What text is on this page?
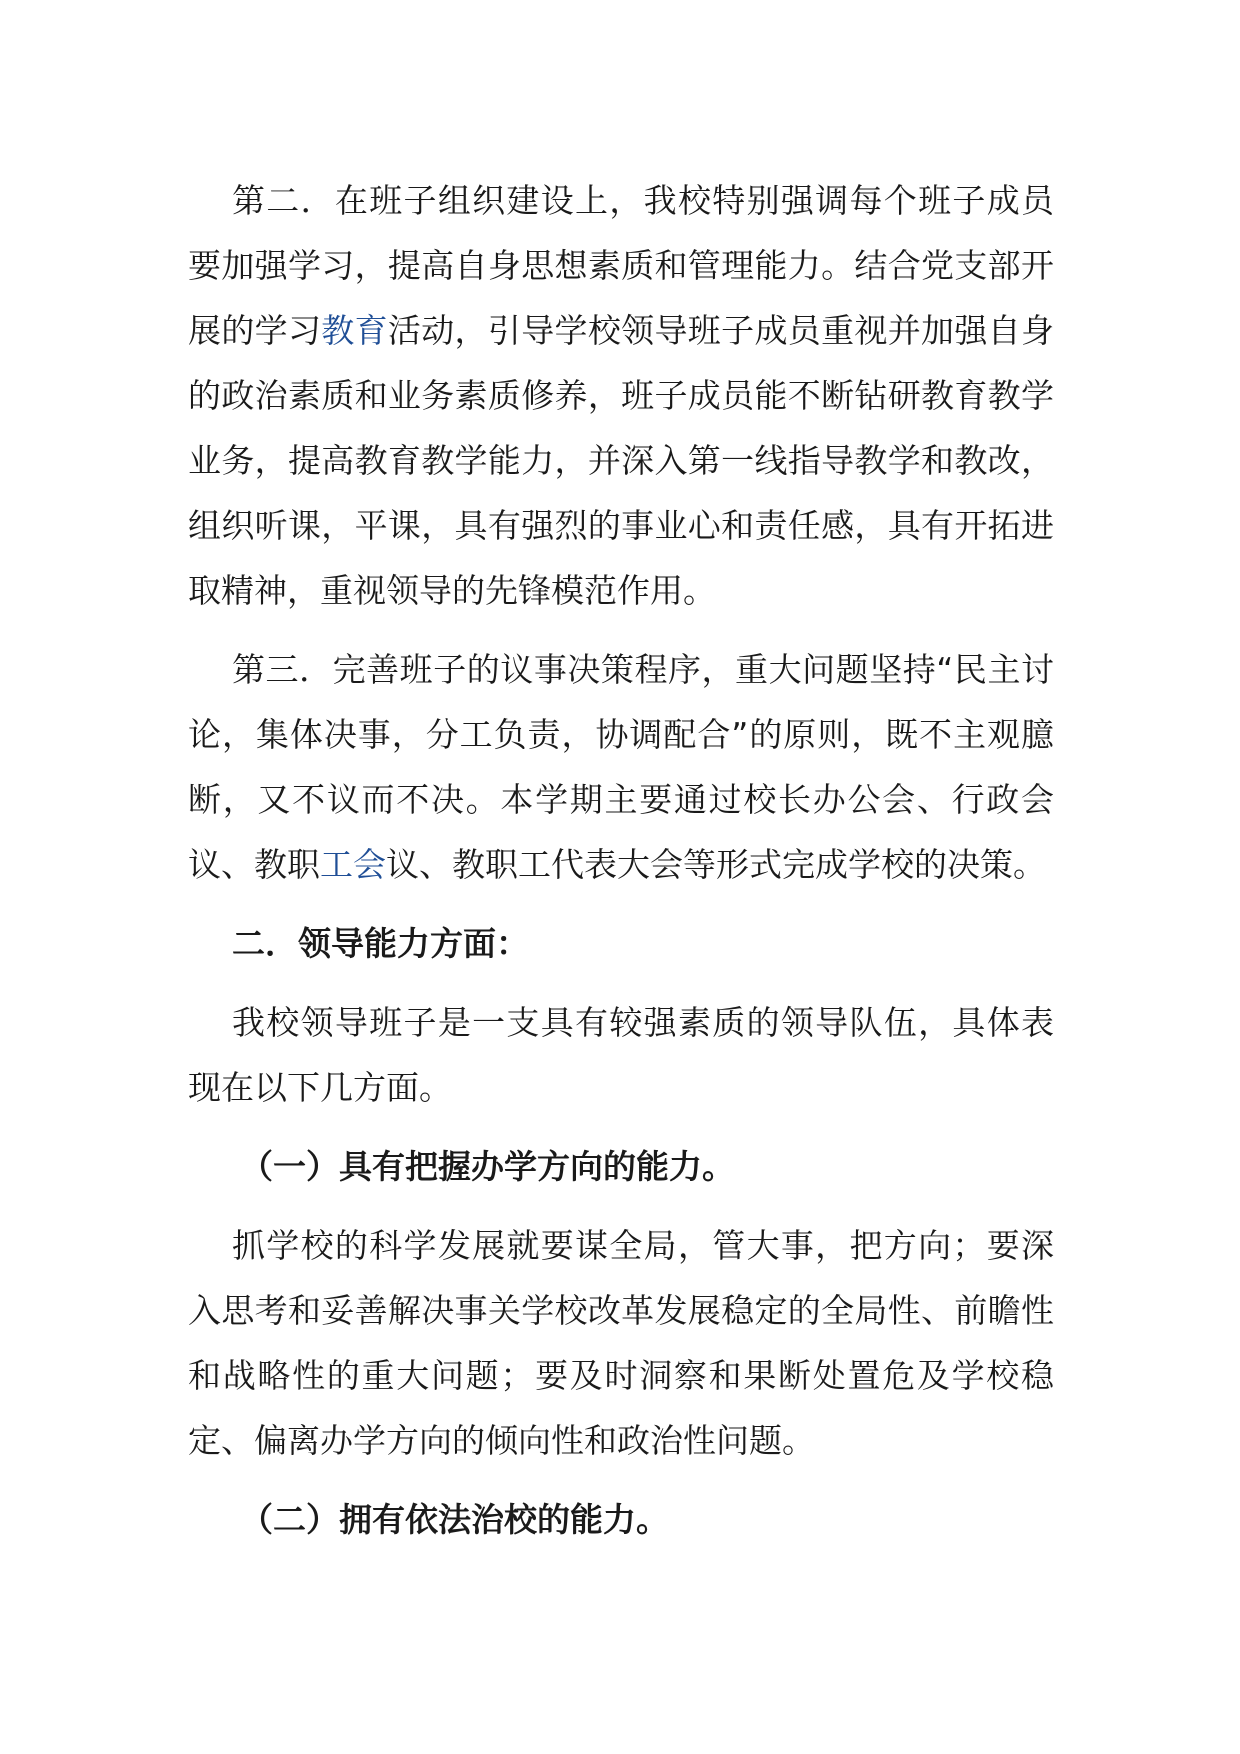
第二．在班子组织建设上，我校特别强调每个班子成员要加强学习，提高自身思想素质和管理能力。结合党支部开展的学习教育活动，引导学校领导班子成员重视并加强自身的政治素质和业务素质修养，班子成员能不断钻研教育教学业务，提高教育教学能力，并深入第一线指导教学和教改，组织听课，平课，具有强烈的事业心和责任感，具有开拓进取精神，重视领导的先锋模范作用。

第三．完善班子的议事决策程序，重大问题坚持“民主讨论，集体决事，分工负责，协调配合”的原则，既不主观臆断，又不议而不决。本学期主要通过校长办公会、行政会议、教职工会议、教职工代表大会等形式完成学校的决策。

二．领导能力方面：

我校领导班子是一支具有较强素质的领导队伍，具体表现在以下几方面。

（一）具有把握办学方向的能力。

抓学校的科学发展就要谋全局，管大事，把方向；要深入思考和妥善解决事关学校改革发展稳定的全局性、前瞻性和战略性的重大问题；要及时洞察和果断处置危及学校稳定、偏离办学方向的倾向性和政治性问题。

（二）拥有依法治校的能力。
